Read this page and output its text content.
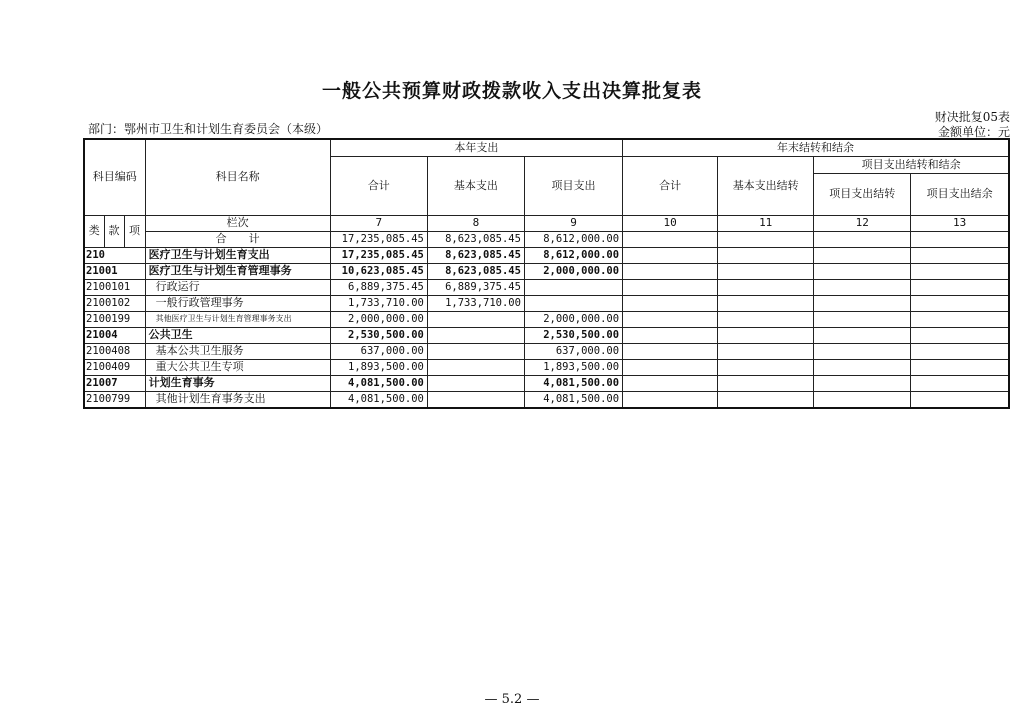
一般公共预算财政拨款收入支出决算批复表
财决批复05表
金额单位：元
部门：鄂州市卫生和计划生育委员会（本级）
科目编码			科目名称	本年支出			年末结转和结余			
				合计	基本支出	项目支出	合计	基本支出结转	项目支出结转和结余	
									项目支出结转	项目支出结余
类	款	项	栏次	7	8	9	10	11	12	13
			合　　计	17,235,085.45	8,623,085.45	8,612,000.00				
210			医疗卫生与计划生育支出	17,235,085.45	8,623,085.45	8,612,000.00				
21001			医疗卫生与计划生育管理事务	10,623,085.45	8,623,085.45	2,000,000.00				
2100101			行政运行	6,889,375.45	6,889,375.45					
2100102			一般行政管理事务	1,733,710.00	1,733,710.00					
2100199			其他医疗卫生与计划生育管理事务支出	2,000,000.00		2,000,000.00				
21004			公共卫生	2,530,500.00		2,530,500.00				
2100408			基本公共卫生服务	637,000.00		637,000.00				
2100409			重大公共卫生专项	1,893,500.00		1,893,500.00				
21007			计划生育事务	4,081,500.00		4,081,500.00				
2100799			其他计划生育事务支出	4,081,500.00		4,081,500.00				
— 5.2 —
